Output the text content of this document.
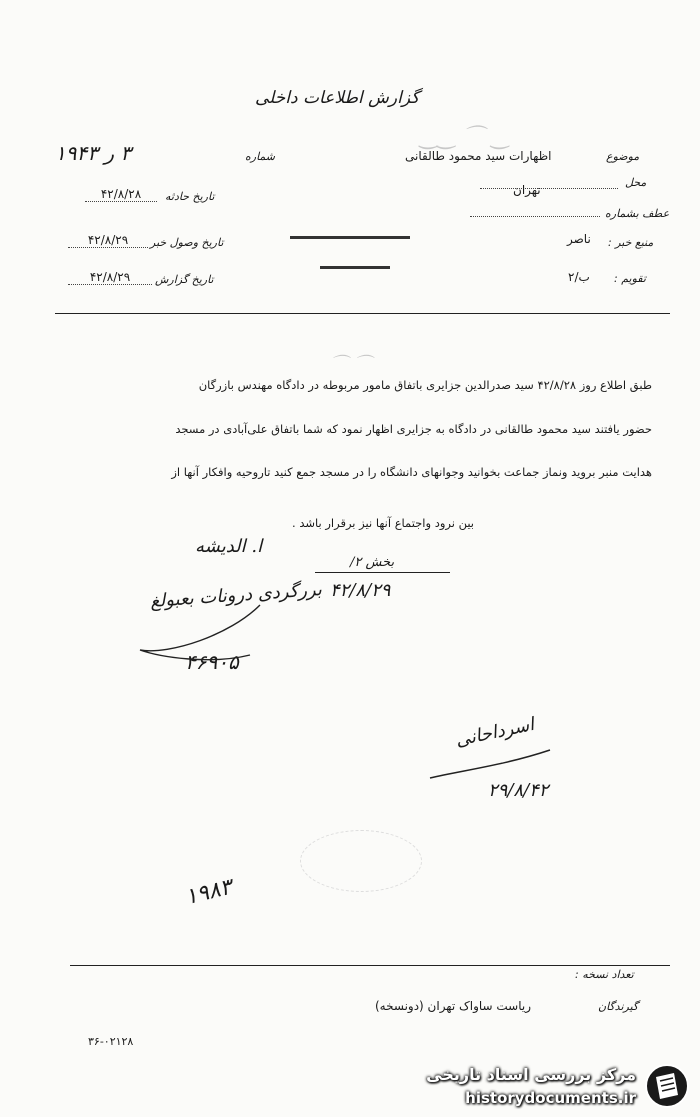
‿‿ ⌒ ‿
⌒ ⌒
گزارش اطلاعات داخلی
شماره
۳ ر ۱۹۴۳
تاریخ حادثه
۴۲/۸/۲۸
تاریخ وصول خبر
۴۲/۸/۲۹
تاریخ گزارش
۴۲/۸/۲۹
موضوع
اظهارات سید محمود طالقانی
محل
تهران
عطف بشماره
منبع خبر :
ناصر
تقویم :
ب/۲
طبق اطلاع روز ۴۲/۸/۲۸ سید صدرالدین جزایری باتفاق مامور مربوطه در دادگاه مهندس بازرگان
حضور یافتند سید محمود طالقانی در دادگاه به جزایری اظهار نمود که شما باتفاق علی‌آبادی در مسجد
هدایت منبر بروید ونماز جماعت بخوانید وجوانهای دانشگاه را در مسجد جمع کنید تاروحیه وافکار آنها از
بین نرود واجتماع آنها نیز برقرار باشد .
ا. الدیشه
بررگردی درونات بعبولغ
۴۶۹۰۵
بخش ۲/
۴۲/۸/۲۹
اسرداحانی
۲۹/۸/۴۲
۱۹۸۳
تعداد نسخه :
گیرندگان
ریاست ساواک تهران (دونسخه)
۳۶-۰۲۱۲۸
مرکز بررسی اسناد تاریخی
historydocuments.ir
